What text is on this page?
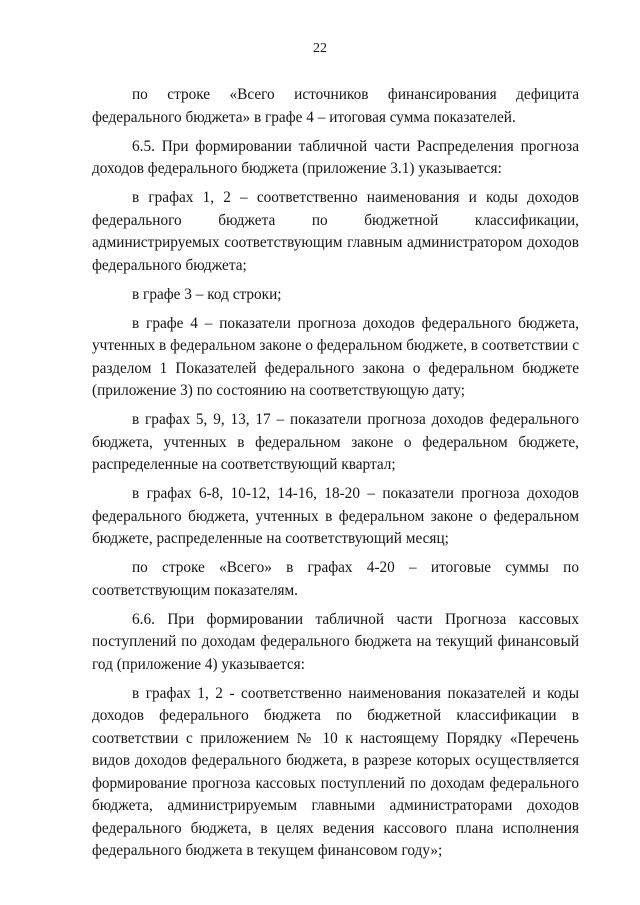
22

по строке «Всего источников финансирования дефицита федерального бюджета» в графе 4 – итоговая сумма показателей.

6.5. При формировании табличной части Распределения прогноза доходов федерального бюджета (приложение 3.1) указывается:

в графах 1, 2 – соответственно наименования и коды доходов федерального бюджета по бюджетной классификации, администрируемых соответствующим главным администратором доходов федерального бюджета;

в графе 3 – код строки;

в графе 4 – показатели прогноза доходов федерального бюджета, учтенных в федеральном законе о федеральном бюджете, в соответствии с разделом 1 Показателей федерального закона о федеральном бюджете (приложение 3) по состоянию на соответствующую дату;

в графах 5, 9, 13, 17 – показатели прогноза доходов федерального бюджета, учтенных в федеральном законе о федеральном бюджете, распределенные на соответствующий квартал;

в графах 6-8, 10-12, 14-16, 18-20 – показатели прогноза доходов федерального бюджета, учтенных в федеральном законе о федеральном бюджете, распределенные на соответствующий месяц;

по строке «Всего» в графах 4-20 – итоговые суммы по соответствующим показателям.

6.6. При формировании табличной части Прогноза кассовых поступлений по доходам федерального бюджета на текущий финансовый год (приложение 4) указывается:

в графах 1, 2 - соответственно наименования показателей и коды доходов федерального бюджета по бюджетной классификации в соответствии с приложением № 10 к настоящему Порядку «Перечень видов доходов федерального бюджета, в разрезе которых осуществляется формирование прогноза кассовых поступлений по доходам федерального бюджета, администрируемым главными администраторами доходов федерального бюджета, в целях ведения кассового плана исполнения федерального бюджета в текущем финансовом году»;
